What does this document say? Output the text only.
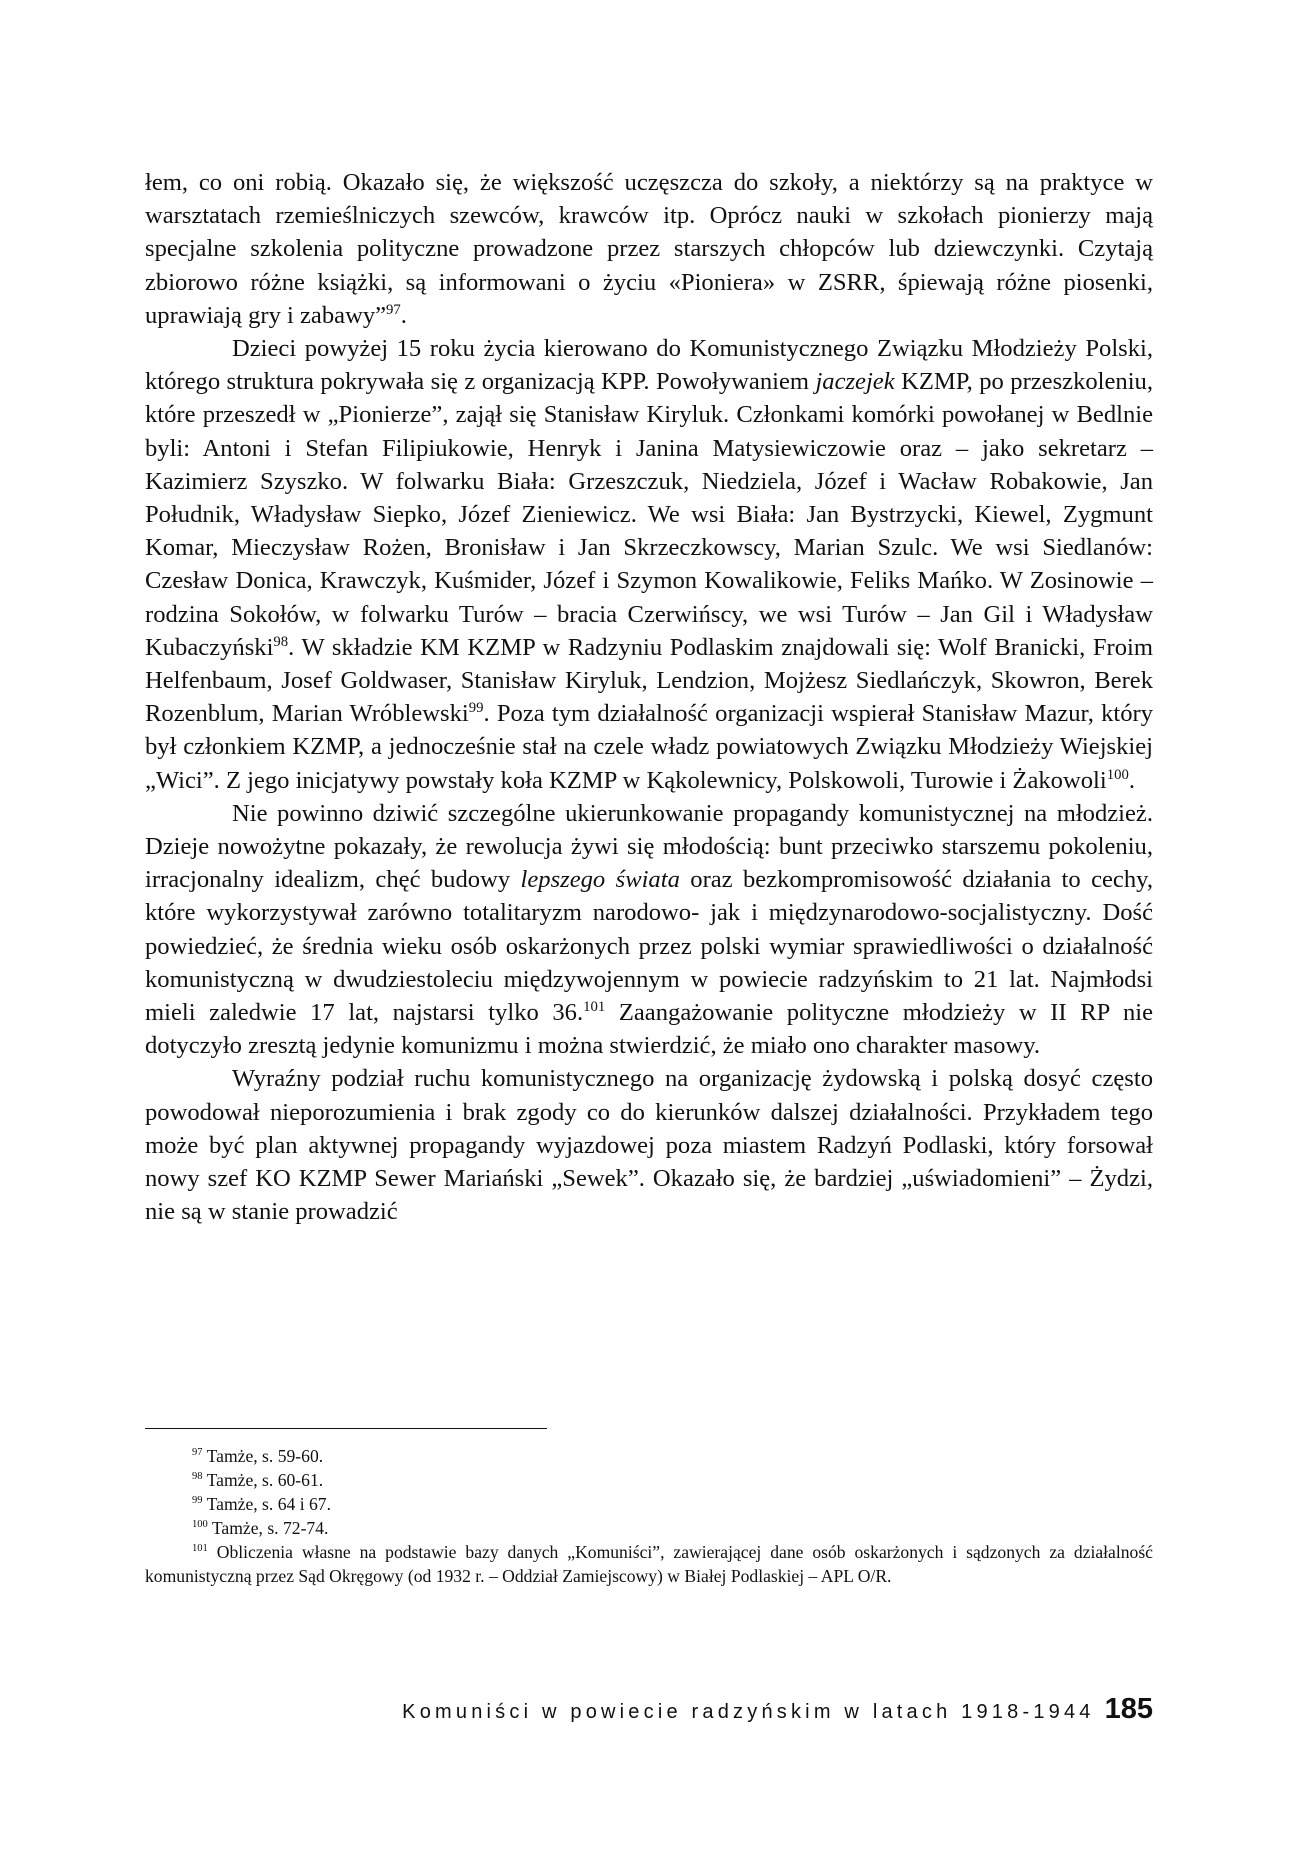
łem, co oni robią. Okazało się, że większość uczęszcza do szkoły, a niektórzy są na praktyce w warsztatach rzemieślniczych szewców, krawców itp. Oprócz nauki w szkołach pionierzy mają specjalne szkolenia polityczne prowadzone przez starszych chłopców lub dziewczynki. Czytają zbiorowo różne książki, są informowani o życiu «Pioniera» w ZSRR, śpiewają różne piosenki, uprawiają gry i zabawy”$^{97}$.

Dzieci powyżej 15 roku życia kierowano do Komunistycznego Związku Młodzieży Polski, którego struktura pokrywała się z organizacją KPP. Powoływaniem jaczejek KZMP, po przeszkoleniu, które przeszedł w „Pionierze”, zajął się Stanisław Kiryluk. Członkami komórki powołanej w Bedlnie byli: Antoni i Stefan Filipiukowie, Henryk i Janina Matysiewiczowie oraz – jako sekretarz – Kazimierz Szyszko. W folwarku Biała: Grzeszczuk, Niedziela, Józef i Wacław Robakowie, Jan Południk, Władysław Siepko, Józef Zieniewicz. We wsi Biała: Jan Bystrzycki, Kiewel, Zygmunt Komar, Mieczysław Rożen, Bronisław i Jan Skrzeczkowscy, Marian Szulc. We wsi Siedlanów: Czesław Donica, Krawczyk, Kuśmider, Józef i Szymon Kowalikowie, Feliks Mańko. W Zosinowie – rodzina Sokołów, w folwarku Turów – bracia Czerwińscy, we wsi Turów – Jan Gil i Władysław Kubaczyński$^{98}$. W składzie KM KZMP w Radzyniu Podlaskim znajdowali się: Wolf Branicki, Froim Helfenbaum, Josef Goldwaser, Stanisław Kiryluk, Lendzion, Mojżesz Siedlańczyk, Skowron, Berek Rozenblum, Marian Wróblewski$^{99}$. Poza tym działalność organizacji wspierał Stanisław Mazur, który był członkiem KZMP, a jednocześnie stał na czele władz powiatowych Związku Młodzieży Wiejskiej „Wici”. Z jego inicjatywy powstały koła KZMP w Kąkolewnicy, Polskowoli, Turowie i Żakowoli$^{100}$.

Nie powinno dziwić szczególne ukierunkowanie propagandy komunistycznej na młodzież. Dzieje nowożytne pokazały, że rewolucja żywi się młodością: bunt przeciwko starszemu pokoleniu, irracjonalny idealizm, chęć budowy lepszego świata oraz bezkompromisowość działania to cechy, które wykorzystywał zarówno totalitaryzm narodowo- jak i międzynarodowo-socjalistyczny. Dość powiedzieć, że średnia wieku osób oskarżonych przez polski wymiar sprawiedliwości o działalność komunistyczną w dwudziestoleciu międzywojennym w powiecie radzyńskim to 21 lat. Najmłodsi mieli zaledwie 17 lat, najstarsi tylko 36.$^{101}$ Zaangażowanie polityczne młodzieży w II RP nie dotyczyło zresztą jedynie komunizmu i można stwierdzić, że miało ono charakter masowy.

Wyraźny podział ruchu komunistycznego na organizację żydowską i polską dosyć często powodował nieporozumienia i brak zgody co do kierunków dalszej działalności. Przykładem tego może być plan aktywnej propagandy wyjazdowej poza miastem Radzyń Podlaski, który forsował nowy szef KO KZMP Sewer Mariański „Sewek”. Okazało się, że bardziej „uświadomieni” – Żydzi, nie są w stanie prowadzić

$^{97}$ Tamże, s. 59-60.

$^{98}$ Tamże, s. 60-61.

$^{99}$ Tamże, s. 64 i 67.

$^{100}$ Tamże, s. 72-74.

$^{101}$ Obliczenia własne na podstawie bazy danych „Komuniści”, zawierającej dane osób oskarżonych i sądzonych za działalność komunistyczną przez Sąd Okręgowy (od 1932 r. – Oddział Zamiejscowy) w Białej Podlaskiej – APL O/R.

Komuniści w powiecie radzyńskim w latach 1918-1944 185
